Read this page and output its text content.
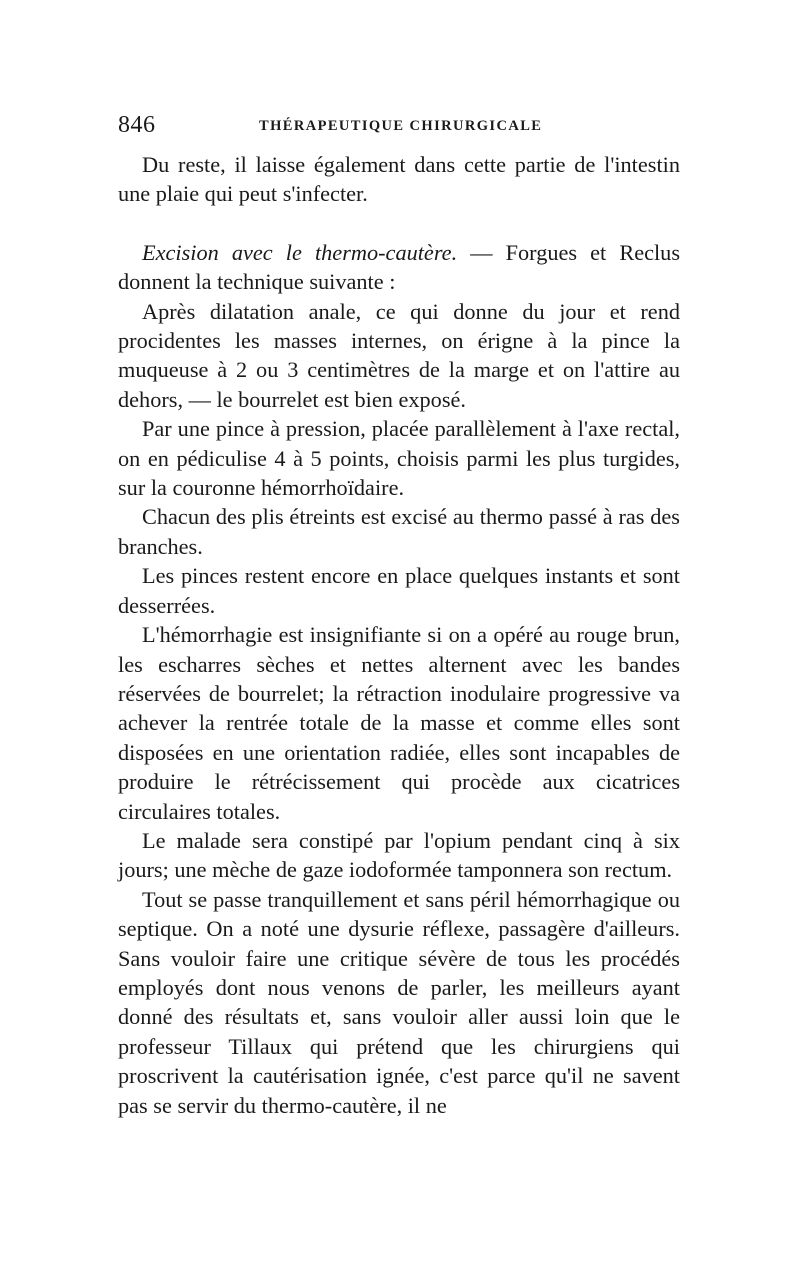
846	THÉRAPEUTIQUE CHIRURGICALE

Du reste, il laisse également dans cette partie de l'intestin une plaie qui peut s'infecter.

Excision avec le thermo-cautère. — Forgues et Reclus donnent la technique suivante :

Après dilatation anale, ce qui donne du jour et rend procidentes les masses internes, on érigne à la pince la muqueuse à 2 ou 3 centimètres de la marge et on l'attire au dehors, — le bourrelet est bien exposé.

Par une pince à pression, placée parallèlement à l'axe rectal, on en pédiculise 4 à 5 points, choisis parmi les plus turgides, sur la couronne hémorrhoïdaire.

Chacun des plis étreints est excisé au thermo passé à ras des branches.

Les pinces restent encore en place quelques instants et sont desserrées.

L'hémorrhagie est insignifiante si on a opéré au rouge brun, les escharres sèches et nettes alternent avec les bandes réservées de bourrelet; la rétraction inodulaire progressive va achever la rentrée totale de la masse et comme elles sont disposées en une orientation radiée, elles sont incapables de produire le rétrécissement qui procède aux cicatrices circulaires totales.

Le malade sera constipé par l'opium pendant cinq à six jours; une mèche de gaze iodoformée tamponnera son rectum.

Tout se passe tranquillement et sans péril hémorrhagique ou septique. On a noté une dysurie réflexe, passagère d'ailleurs. Sans vouloir faire une critique sévère de tous les procédés employés dont nous venons de parler, les meilleurs ayant donné des résultats et, sans vouloir aller aussi loin que le professeur Tillaux qui prétend que les chirurgiens qui proscrivent la cautérisation ignée, c'est parce qu'il ne savent pas se servir du thermo-cautère, il ne
